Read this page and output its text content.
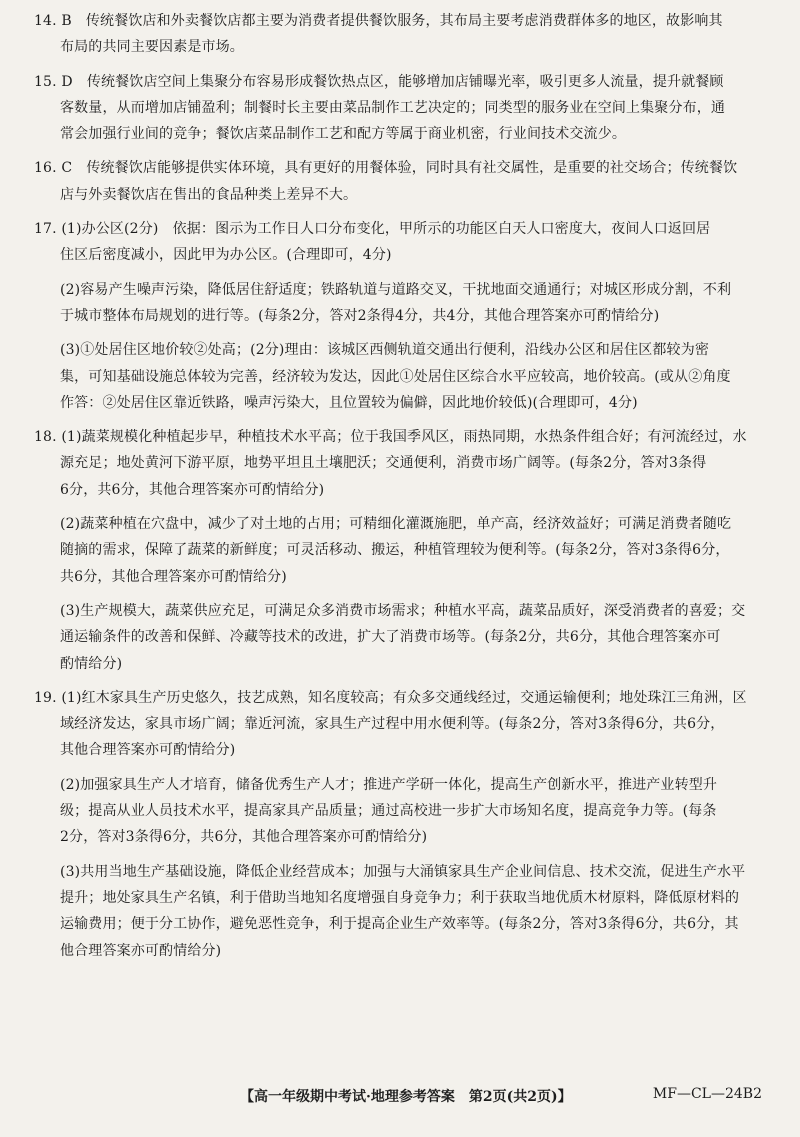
14. B　传统餐饮店和外卖餐饮店都主要为消费者提供餐饮服务，其布局主要考虑消费群体多的地区，故影响其
布局的共同主要因素是市场。
15. D　传统餐饮店空间上集聚分布容易形成餐饮热点区，能够增加店铺曝光率，吸引更多人流量，提升就餐顾
客数量，从而增加店铺盈利；制餐时长主要由菜品制作工艺决定的；同类型的服务业在空间上集聚分布，通
常会加强行业间的竞争；餐饮店菜品制作工艺和配方等属于商业机密，行业间技术交流少。
16. C　传统餐饮店能够提供实体环境，具有更好的用餐体验，同时具有社交属性，是重要的社交场合；传统餐饮
店与外卖餐饮店在售出的食品种类上差异不大。
17. (1)办公区(2分)　依据：图示为工作日人口分布变化，甲所示的功能区白天人口密度大，夜间人口返回居
住区后密度减小，因此甲为办公区。(合理即可，4分)
(2)容易产生噪声污染，降低居住舒适度；铁路轨道与道路交叉，干扰地面交通通行；对城区形成分割，不利
于城市整体布局规划的进行等。(每条2分，答对2条得4分，共4分，其他合理答案亦可酌情给分)
(3)①处居住区地价较②处高；(2分)理由：该城区西侧轨道交通出行便利，沿线办公区和居住区都较为密
集，可知基础设施总体较为完善，经济较为发达，因此①处居住区综合水平应较高，地价较高。(或从②角度
作答：②处居住区靠近铁路，噪声污染大，且位置较为偏僻，因此地价较低)(合理即可，4分)
18. (1)蔬菜规模化种植起步早，种植技术水平高；位于我国季风区，雨热同期，水热条件组合好；有河流经过，水
源充足；地处黄河下游平原，地势平坦且土壤肥沃；交通便利，消费市场广阔等。(每条2分，答对3条得
6分，共6分，其他合理答案亦可酌情给分)
(2)蔬菜种植在穴盘中，减少了对土地的占用；可精细化灌溉施肥，单产高，经济效益好；可满足消费者随吃
随摘的需求，保障了蔬菜的新鲜度；可灵活移动、搬运，种植管理较为便利等。(每条2分，答对3条得6分，
共6分，其他合理答案亦可酌情给分)
(3)生产规模大，蔬菜供应充足，可满足众多消费市场需求；种植水平高，蔬菜品质好，深受消费者的喜爱；交
通运输条件的改善和保鲜、冷藏等技术的改进，扩大了消费市场等。(每条2分，共6分，其他合理答案亦可
酌情给分)
19. (1)红木家具生产历史悠久，技艺成熟，知名度较高；有众多交通线经过，交通运输便利；地处珠江三角洲，区
域经济发达，家具市场广阔；靠近河流，家具生产过程中用水便利等。(每条2分，答对3条得6分，共6分，
其他合理答案亦可酌情给分)
(2)加强家具生产人才培育，储备优秀生产人才；推进产学研一体化，提高生产创新水平，推进产业转型升
级；提高从业人员技术水平，提高家具产品质量；通过高校进一步扩大市场知名度，提高竞争力等。(每条
2分，答对3条得6分，共6分，其他合理答案亦可酌情给分)
(3)共用当地生产基础设施，降低企业经营成本；加强与大涌镇家具生产企业间信息、技术交流，促进生产水平
提升；地处家具生产名镇，利于借助当地知名度增强自身竞争力；利于获取当地优质木材原料，降低原材料的
运输费用；便于分工协作，避免恶性竞争，利于提高企业生产效率等。(每条2分，答对3条得6分，共6分，其
他合理答案亦可酌情给分)
【高一年级期中考试·地理参考答案　第2页(共2页)】	MF—CL—24B2
